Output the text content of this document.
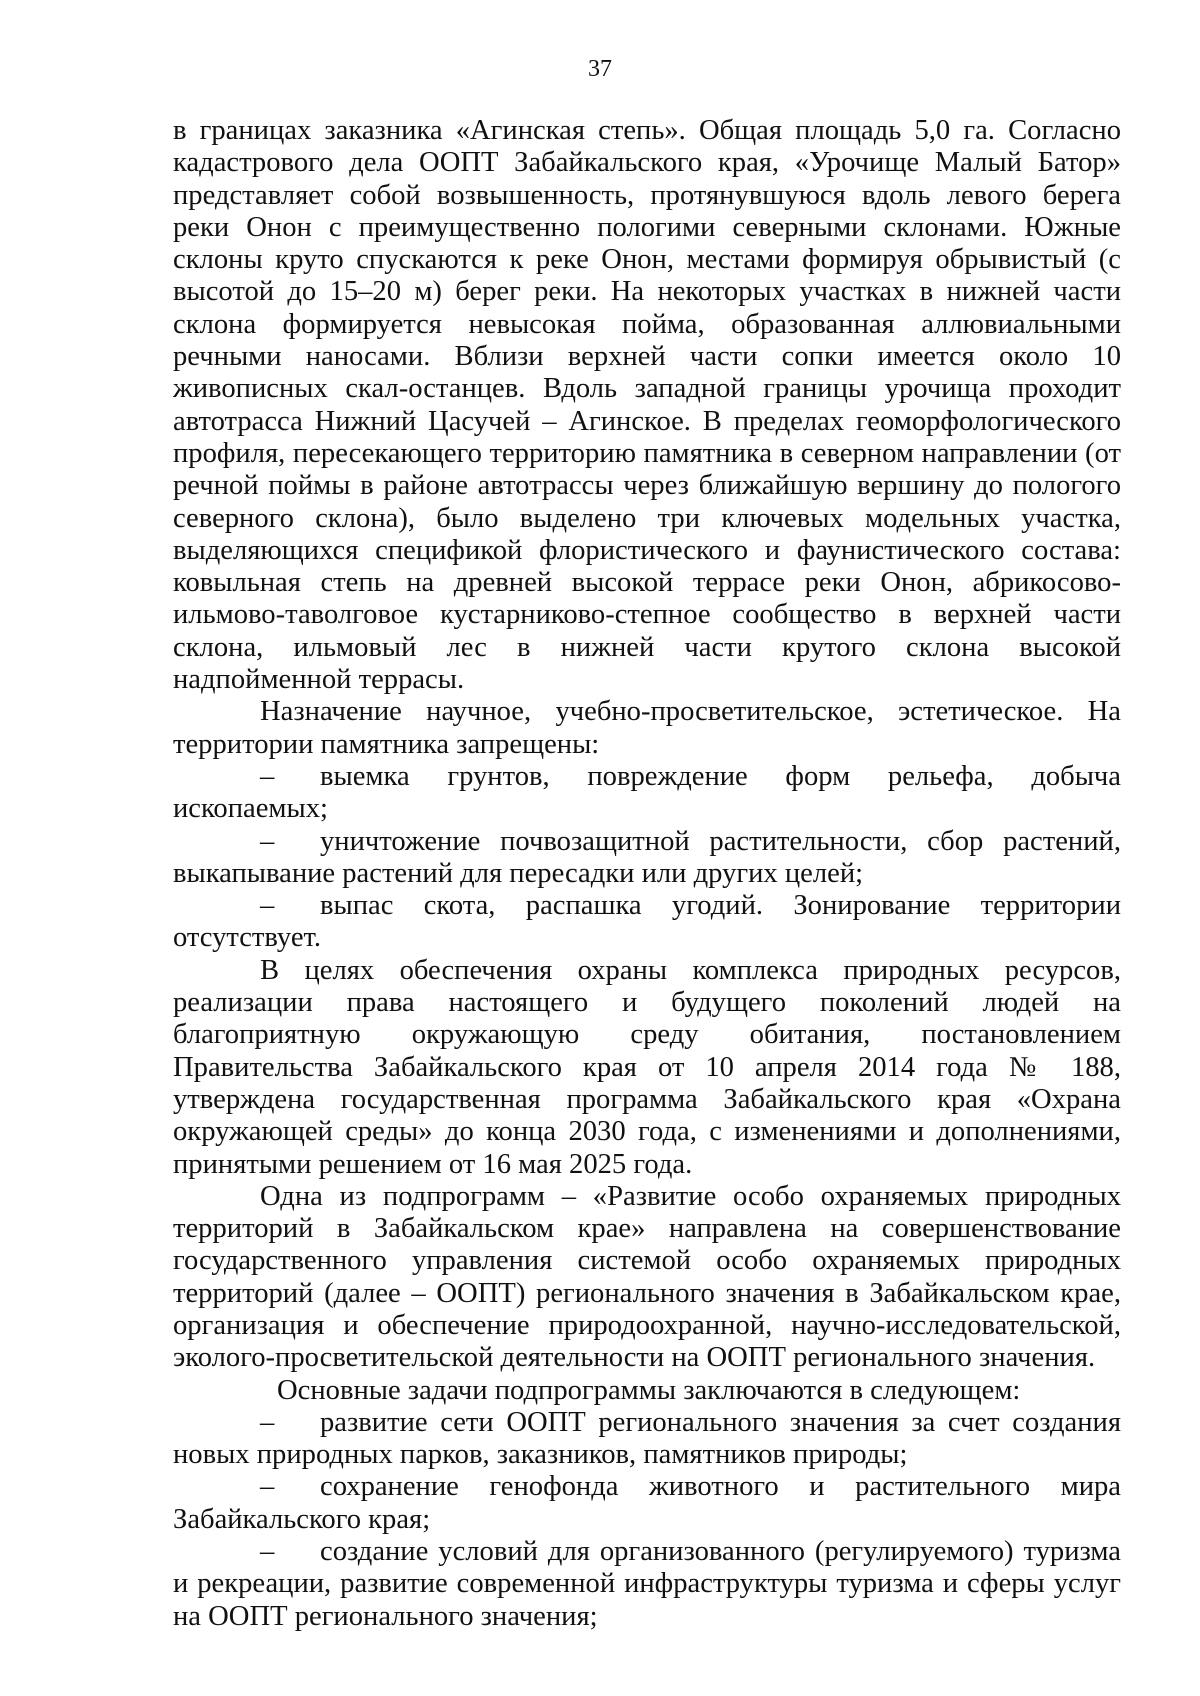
37

в границах заказника «Агинская степь». Общая площадь 5,0 га. Согласно кадастрового дела ООПТ Забайкальского края, «Урочище Малый Батор» представляет собой возвышенность, протянувшуюся вдоль левого берега реки Онон с преимущественно пологими северными склонами. Южные склоны круто спускаются к реке Онон, местами формируя обрывистый (с высотой до 15–20 м) берег реки. На некоторых участках в нижней части склона формируется невысокая пойма, образованная аллювиальными речными наносами. Вблизи верхней части сопки имеется около 10 живописных скал-останцев. Вдоль западной границы урочища проходит автотрасса Нижний Цасучей – Агинское. В пределах геоморфологического профиля, пересекающего территорию памятника в северном направлении (от речной поймы в районе автотрассы через ближайшую вершину до пологого северного склона), было выделено три ключевых модельных участка, выделяющихся спецификой флористического и фаунистического состава: ковыльная степь на древней высокой террасе реки Онон, абрикосово-ильмово-таволговое кустарниково-степное сообщество в верхней части склона, ильмовый лес в нижней части крутого склона высокой надпойменной террасы.

Назначение научное, учебно-просветительское, эстетическое. На территории памятника запрещены:

– выемка грунтов, повреждение форм рельефа, добыча ископаемых;

– уничтожение почвозащитной растительности, сбор растений, выкапывание растений для пересадки или других целей;

– выпас скота, распашка угодий. Зонирование территории отсутствует.

В целях обеспечения охраны комплекса природных ресурсов, реализации права настоящего и будущего поколений людей на благоприятную окружающую среду обитания, постановлением Правительства Забайкальского края от 10 апреля 2014 года № 188, утверждена государственная программа Забайкальского края «Охрана окружающей среды» до конца 2030 года, с изменениями и дополнениями, принятыми решением от 16 мая 2025 года.

Одна из подпрограмм – «Развитие особо охраняемых природных территорий в Забайкальском крае» направлена на совершенствование государственного управления системой особо охраняемых природных территорий (далее – ООПТ) регионального значения в Забайкальском крае, организация и обеспечение природоохранной, научно-исследовательской, эколого-просветительской деятельности на ООПТ регионального значения.

Основные задачи подпрограммы заключаются в следующем:

– развитие сети ООПТ регионального значения за счет создания новых природных парков, заказников, памятников природы;

– сохранение генофонда животного и растительного мира Забайкальского края;

– создание условий для организованного (регулируемого) туризма и рекреации, развитие современной инфраструктуры туризма и сферы услуг на ООПТ регионального значения;
